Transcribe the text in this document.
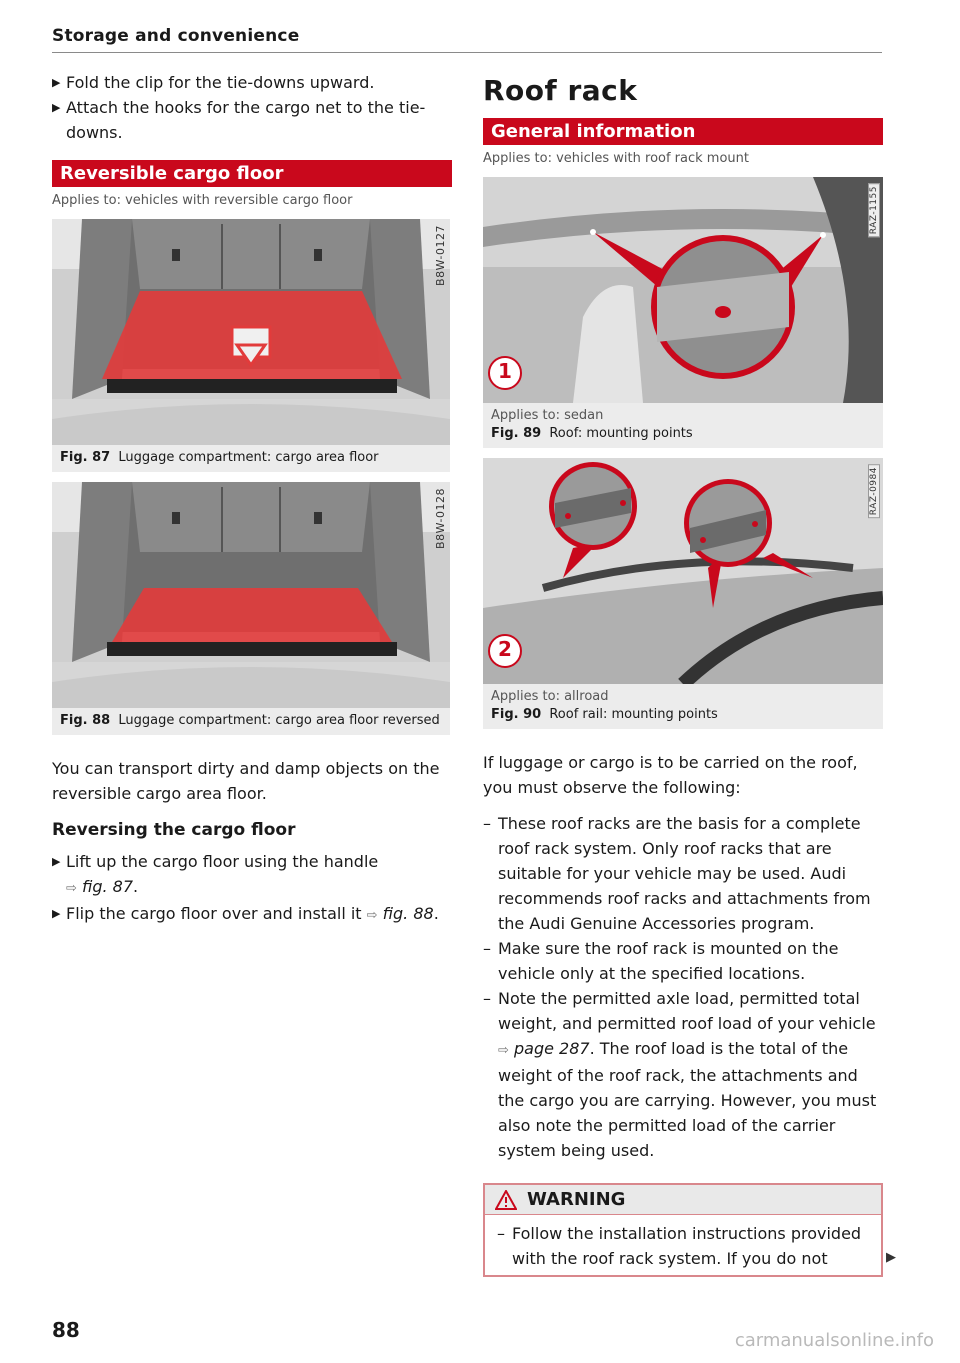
Storage and convenience
▶ Fold the clip for the tie-downs upward.
▶ Attach the hooks for the cargo net to the tie-downs.
Reversible cargo floor
Applies to: vehicles with reversible cargo floor
B8W-0127
Fig. 87 Luggage compartment: cargo area floor
B8W-0128
Fig. 88 Luggage compartment: cargo area floor reversed
You can transport dirty and damp objects on the reversible cargo area floor.
Reversing the cargo floor
▶ Lift up the cargo floor using the handle
⇨ fig. 87.
▶ Flip the cargo floor over and install it ⇨ fig. 88.
Roof rack
General information
Applies to: vehicles with roof rack mount
1
RAZ-1155
Applies to: sedan
Fig. 89 Roof: mounting points
2
RAZ-0984
Applies to: allroad
Fig. 90 Roof rail: mounting points
If luggage or cargo is to be carried on the roof, you must observe the following:
– These roof racks are the basis for a complete roof rack system. Only roof racks that are suitable for your vehicle may be used. Audi recommends roof racks and attachments from the Audi Genuine Accessories program.
– Make sure the roof rack is mounted on the vehicle only at the specified locations.
– Note the permitted axle load, permitted total weight, and permitted roof load of your vehicle ⇨ page 287. The roof load is the total of the weight of the roof rack, the attachments and the cargo you are carrying. However, you must also note the permitted load of the carrier system being used.
WARNING
– Follow the installation instructions provided with the roof rack system. If you do not	▶
88	carmanualsonline.info
